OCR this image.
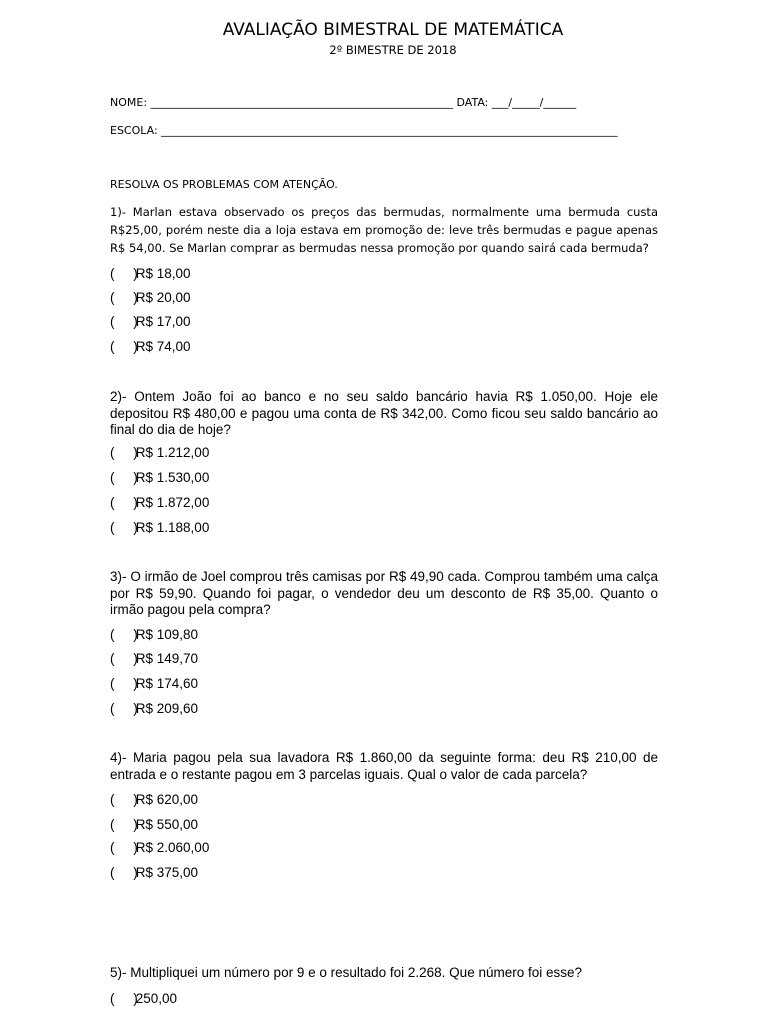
AVALIAÇÃO BIMESTRAL DE MATEMÁTICA
2º BIMESTRE DE 2018
NOME: _______________________________________________________ DATA: ___/_____/______
ESCOLA: ___________________________________________________________________________________
RESOLVA OS PROBLEMAS COM ATENÇÃO.
1)- Marlan estava observado os preços das bermudas, normalmente uma bermuda custa R$25,00, porém neste dia a loja estava em promoção de: leve três bermudas e pague apenas R$ 54,00. Se Marlan comprar as bermudas nessa promoção por quando sairá cada bermuda?
(     ) R$ 18,00
(     ) R$ 20,00
(     ) R$ 17,00
(     ) R$ 74,00
2)- Ontem João foi ao banco e no seu saldo bancário havia R$ 1.050,00. Hoje ele depositou R$ 480,00 e pagou uma conta de R$ 342,00. Como ficou seu saldo bancário ao final do dia de hoje?
(     ) R$ 1.212,00
(     ) R$ 1.530,00
(     ) R$ 1.872,00
(     ) R$ 1.188,00
3)- O irmão de Joel comprou três camisas por R$ 49,90 cada. Comprou também uma calça por R$ 59,90. Quando foi pagar, o vendedor deu um desconto de R$ 35,00. Quanto o irmão pagou pela compra?
(     ) R$ 109,80
(     ) R$ 149,70
(     ) R$ 174,60
(     ) R$ 209,60
4)- Maria pagou pela sua lavadora R$ 1.860,00 da seguinte forma: deu R$ 210,00 de entrada e o restante pagou em 3 parcelas iguais. Qual o valor de cada parcela?
(     ) R$ 620,00
(     ) R$ 550,00
(     ) R$ 2.060,00
(     ) R$ 375,00
5)- Multipliquei um número por 9 e o resultado foi 2.268. Que número foi esse?
(     ) 250,00
